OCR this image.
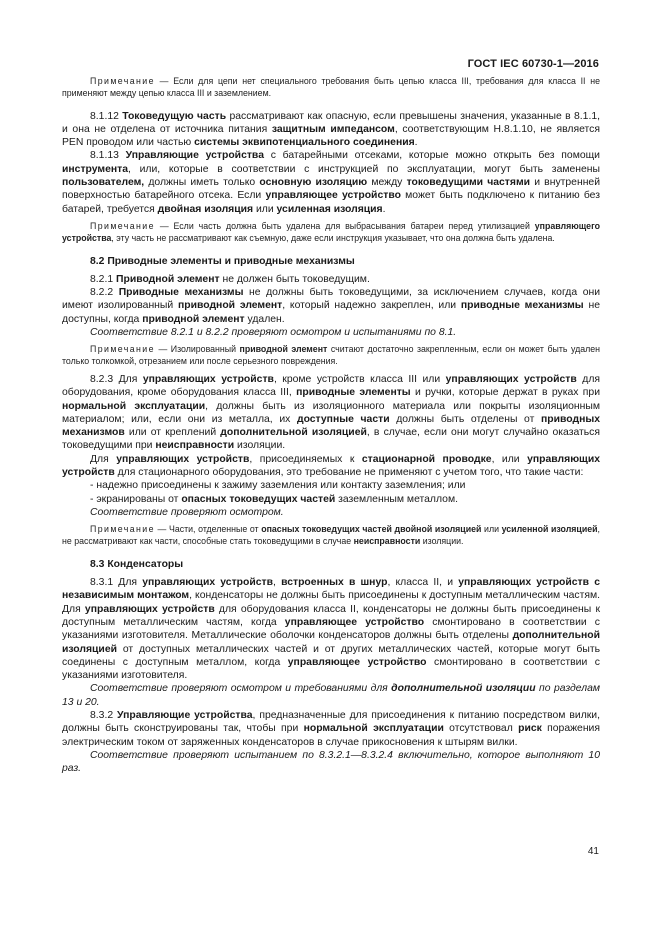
ГОСТ IEC 60730-1—2016

Примечание — Если для цепи нет специального требования быть цепью класса III, требования для класса II не применяют между цепью класса III и заземлением.

8.1.12 Токоведущую часть рассматривают как опасную, если превышены значения, указанные в 8.1.1, и она не отделена от источника питания защитным импедансом, соответствующим Н.8.1.10, не является PEN проводом или частью системы эквипотенциального соединения.

8.1.13 Управляющие устройства с батарейными отсеками, которые можно открыть без помощи инструмента, или, которые в соответствии с инструкцией по эксплуатации, могут быть заменены пользователем, должны иметь только основную изоляцию между токоведущими частями и внутренней поверхностью батарейного отсека. Если управляющее устройство может быть подключено к питанию без батарей, требуется двойная изоляция или усиленная изоляция.

Примечание — Если часть должна быть удалена для выбрасывания батареи перед утилизацией управляющего устройства, эту часть не рассматривают как съемную, даже если инструкция указывает, что она должна быть удалена.

8.2 Приводные элементы и приводные механизмы

8.2.1 Приводной элемент не должен быть токоведущим.

8.2.2 Приводные механизмы не должны быть токоведущими, за исключением случаев, когда они имеют изолированный приводной элемент, который надежно закреплен, или приводные механизмы не доступны, когда приводной элемент удален.

Соответствие 8.2.1 и 8.2.2 проверяют осмотром и испытаниями по 8.1.

Примечание — Изолированный приводной элемент считают достаточно закрепленным, если он может быть удален только толкомкой, отрезанием или после серьезного повреждения.

8.2.3 Для управляющих устройств, кроме устройств класса III или управляющих устройств для оборудования, кроме оборудования класса III, приводные элементы и ручки, которые держат в руках при нормальной эксплуатации, должны быть из изоляционного материала или покрыты изоляционным материалом; или, если они из металла, их доступные части должны быть отделены от приводных механизмов или от креплений дополнительной изоляцией, в случае, если они могут случайно оказаться токоведущими при неисправности изоляции.

Для управляющих устройств, присоединяемых к стационарной проводке, или управляющих устройств для стационарного оборудования, это требование не применяют с учетом того, что такие части:

- надежно присоединены к зажиму заземления или контакту заземления; или

- экранированы от опасных токоведущих частей заземленным металлом.

Соответствие проверяют осмотром.

Примечание — Части, отделенные от опасных токоведущих частей двойной изоляцией или усиленной изоляцией, не рассматривают как части, способные стать токоведущими в случае неисправности изоляции.

8.3 Конденсаторы

8.3.1 Для управляющих устройств, встроенных в шнур, класса II, и управляющих устройств с независимым монтажом, конденсаторы не должны быть присоединены к доступным металлическим частям. Для управляющих устройств для оборудования класса II, конденсаторы не должны быть присоединены к доступным металлическим частям, когда управляющее устройство смонтировано в соответствии с указаниями изготовителя. Металлические оболочки конденсаторов должны быть отделены дополнительной изоляцией от доступных металлических частей и от других металлических частей, которые могут быть соединены с доступным металлом, когда управляющее устройство смонтировано в соответствии с указаниями изготовителя.

Соответствие проверяют осмотром и требованиями для дополнительной изоляции по разделам 13 и 20.

8.3.2 Управляющие устройства, предназначенные для присоединения к питанию посредством вилки, должны быть сконструированы так, чтобы при нормальной эксплуатации отсутствовал риск поражения электрическим током от заряженных конденсаторов в случае прикосновения к штырям вилки.

Соответствие проверяют испытанием по 8.3.2.1—8.3.2.4 включительно, которое выполняют 10 раз.

41
